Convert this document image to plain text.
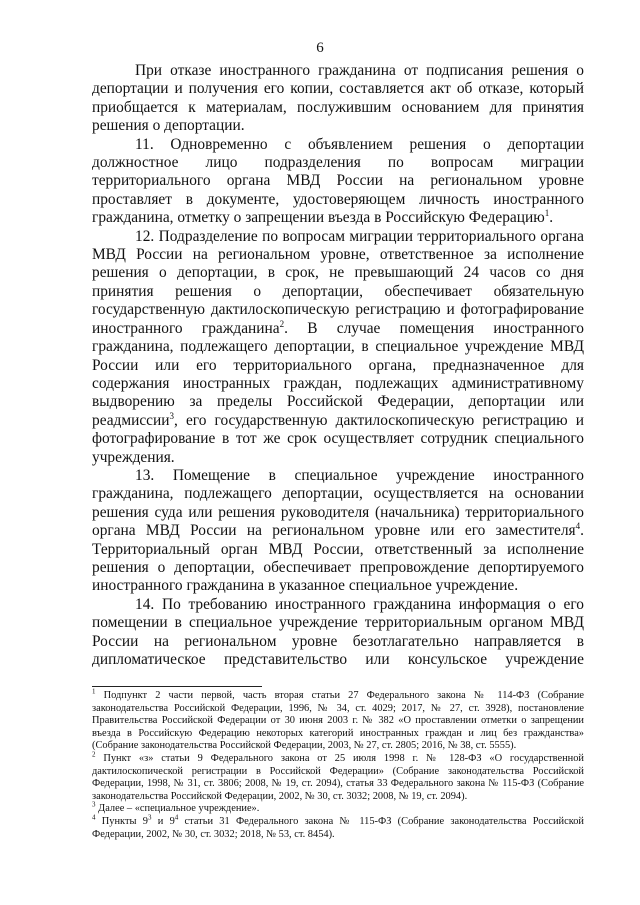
6

При отказе иностранного гражданина от подписания решения о депортации и получения его копии, составляется акт об отказе, который приобщается к материалам, послужившим основанием для принятия решения о депортации.

11. Одновременно с объявлением решения о депортации должностное лицо подразделения по вопросам миграции территориального органа МВД России на региональном уровне проставляет в документе, удостоверяющем личность иностранного гражданина, отметку о запрещении въезда в Российскую Федерацию$^1$.

12. Подразделение по вопросам миграции территориального органа МВД России на региональном уровне, ответственное за исполнение решения о депортации, в срок, не превышающий 24 часов со дня принятия решения о депортации, обеспечивает обязательную государственную дактилоскопическую регистрацию и фотографирование иностранного гражданина$^2$. В случае помещения иностранного гражданина, подлежащего депортации, в специальное учреждение МВД России или его территориального органа, предназначенное для содержания иностранных граждан, подлежащих административному выдворению за пределы Российской Федерации, депортации или реадмиссии$^3$, его государственную дактилоскопическую регистрацию и фотографирование в тот же срок осуществляет сотрудник специального учреждения.

13. Помещение в специальное учреждение иностранного гражданина, подлежащего депортации, осуществляется на основании решения суда или решения руководителя (начальника) территориального органа МВД России на региональном уровне или его заместителя$^4$. Территориальный орган МВД России, ответственный за исполнение решения о депортации, обеспечивает препровождение депортируемого иностранного гражданина в указанное специальное учреждение.

14. По требованию иностранного гражданина информация о его помещении в специальное учреждение территориальным органом МВД России на региональном уровне безотлагательно направляется в дипломатическое представительство или консульское учреждение

$^1$ Подпункт 2 части первой, часть вторая статьи 27 Федерального закона № 114-ФЗ (Собрание законодательства Российской Федерации, 1996, № 34, ст. 4029; 2017, № 27, ст. 3928), постановление Правительства Российской Федерации от 30 июня 2003 г. № 382 «О проставлении отметки о запрещении въезда в Российскую Федерацию некоторых категорий иностранных граждан и лиц без гражданства» (Собрание законодательства Российской Федерации, 2003, № 27, ст. 2805; 2016, № 38, ст. 5555).

$^2$ Пункт «з» статьи 9 Федерального закона от 25 июля 1998 г. № 128-ФЗ «О государственной дактилоскопической регистрации в Российской Федерации» (Собрание законодательства Российской Федерации, 1998, № 31, ст. 3806; 2008, № 19, ст. 2094), статья 33 Федерального закона № 115-ФЗ (Собрание законодательства Российской Федерации, 2002, № 30, ст. 3032; 2008, № 19, ст. 2094).

$^3$ Далее – «специальное учреждение».

$^4$ Пункты $9^3$ и $9^4$ статьи 31 Федерального закона № 115-ФЗ (Собрание законодательства Российской Федерации, 2002, № 30, ст. 3032; 2018, № 53, ст. 8454).
